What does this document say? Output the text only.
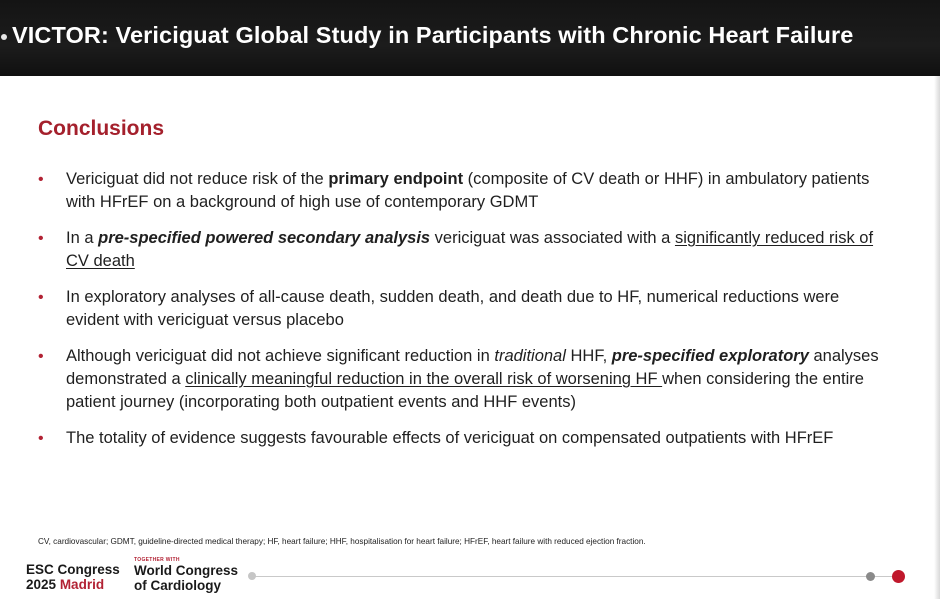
VICTOR: Vericiguat Global Study in Participants with Chronic Heart Failure
Conclusions
• Vericiguat did not reduce risk of the primary endpoint (composite of CV death or HHF) in ambulatory patients with HFrEF on a background of high use of contemporary GDMT
• In a pre-specified powered secondary analysis vericiguat was associated with a significantly reduced risk of CV death
• In exploratory analyses of all-cause death, sudden death, and death due to HF, numerical reductions were evident with vericiguat versus placebo
• Although vericiguat did not achieve significant reduction in traditional HHF, pre-specified exploratory analyses demonstrated a clinically meaningful reduction in the overall risk of worsening HF when considering the entire patient journey (incorporating both outpatient events and HHF events)
• The totality of evidence suggests favourable effects of vericiguat on compensated outpatients with HFrEF
CV, cardiovascular; GDMT, guideline-directed medical therapy; HF, heart failure; HHF, hospitalisation for heart failure; HFrEF, heart failure with reduced ejection fraction.
ESC Congress
2025 Madrid
TOGETHER WITH
World Congress
of Cardiology
